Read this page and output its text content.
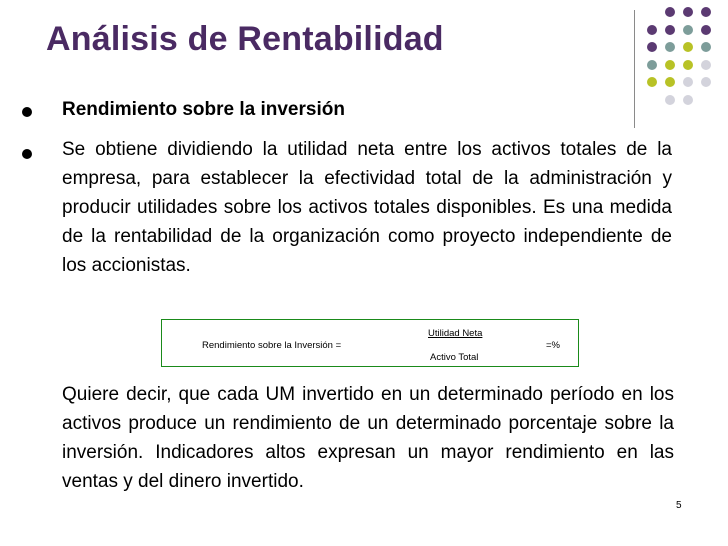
Análisis de Rentabilidad

Rendimiento sobre la inversión

Se obtiene dividiendo la utilidad neta entre los activos totales de la empresa, para establecer la efectividad total de la administración y producir utilidades sobre los activos totales disponibles. Es una medida de la rentabilidad de la organización como proyecto independiente de los accionistas.

Rendimiento sobre la Inversión =
Utilidad Neta
Activo Total
=%

Quiere decir, que cada UM invertido en un determinado período en los activos produce un rendimiento de un determinado porcentaje sobre la inversión. Indicadores altos expresan un mayor rendimiento en las ventas y del dinero invertido.

5
